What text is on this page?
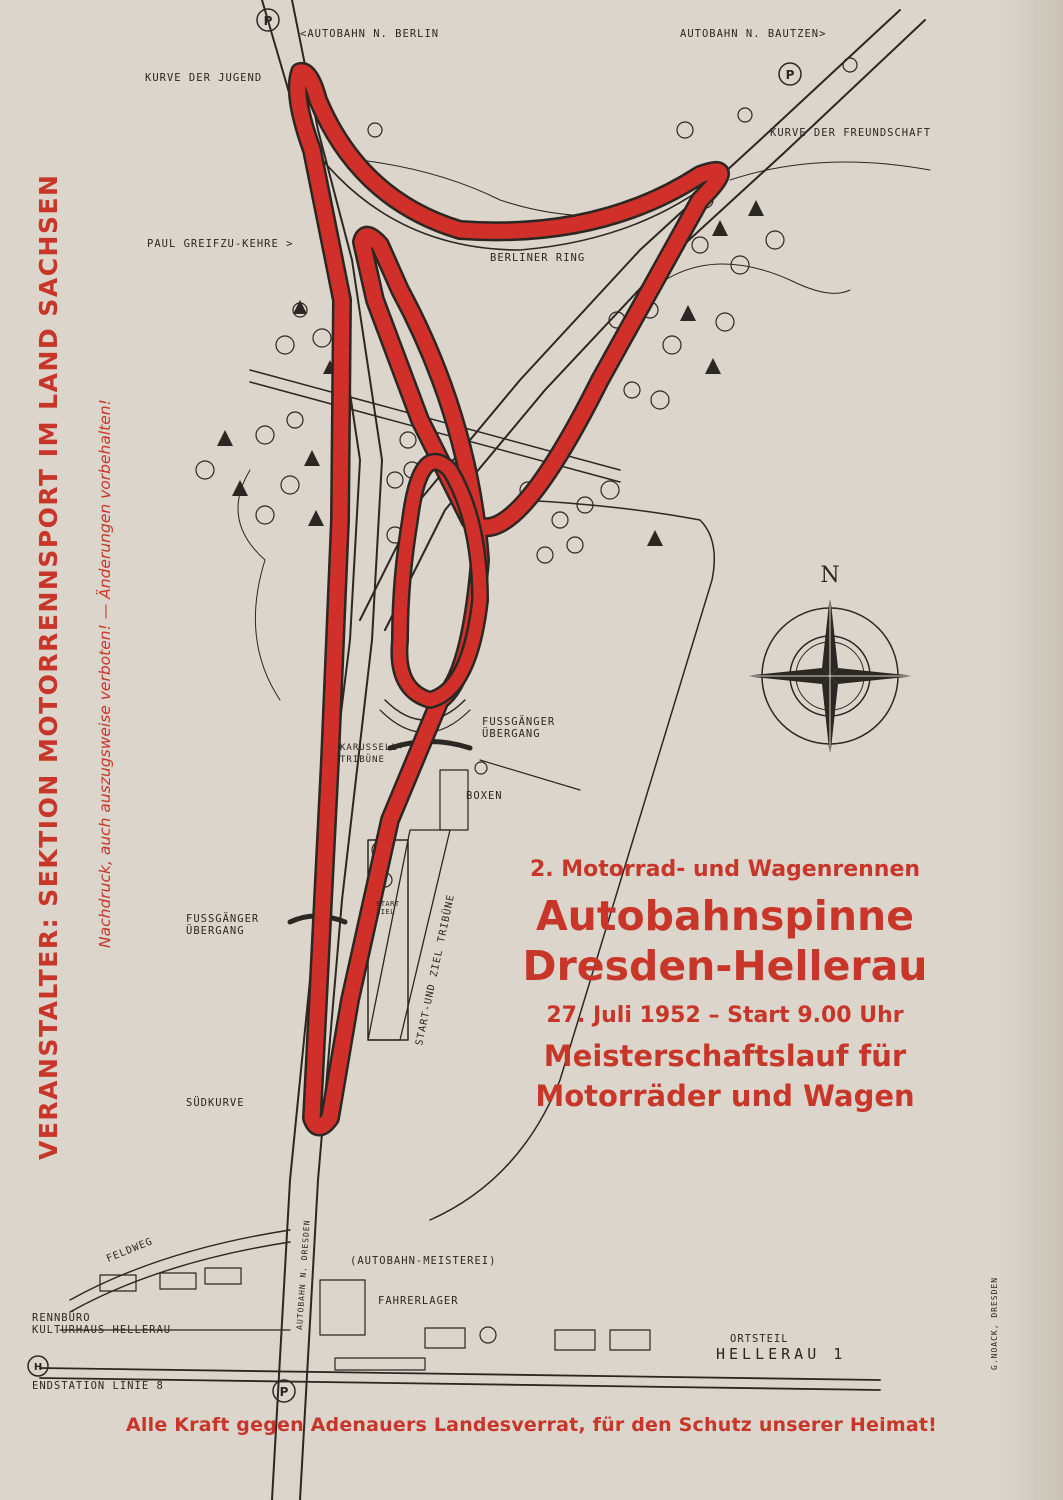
VERANSTALTER: SEKTION MOTORRENNSPORT IM LAND SACHSEN Nachdruck, auch auszugsweise verboten! — Änderungen vorbehalten!
P
P
P
H
N
START-UND ZIEL TRIBÜNE
AUTOBAHN N. DRESDEN
FELDWEG
<AUTOBAHN N. BERLIN	AUTOBAHN N. BAUTZEN>
KURVE DER JUGEND
KURVE DER FREUNDSCHAFT
PAUL GREIFZU-KEHRE >
BERLINER RING
FUSSGÄNGER
ÜBERGANG
KARUSSELL-
TRIBÜNE
BOXEN
FUSSGÄNGER
ÜBERGANG
START
ZIEL
SÜDKURVE
(AUTOBAHN-MEISTEREI)
FAHRERLAGER
RENNBÜRO
KULTURHAUS HELLERAU
ENDSTATION LINIE 8
ORTSTEIL
HELLERAU 1	G.NOACK, DRESDEN
2. Motorrad- und Wagenrennen
Autobahnspinne
Dresden-Hellerau
27. Juli 1952 – Start 9.00 Uhr
Meisterschaftslauf für
Motorräder und Wagen
Alle Kraft gegen Adenauers Landesverrat, für den Schutz unserer Heimat!
